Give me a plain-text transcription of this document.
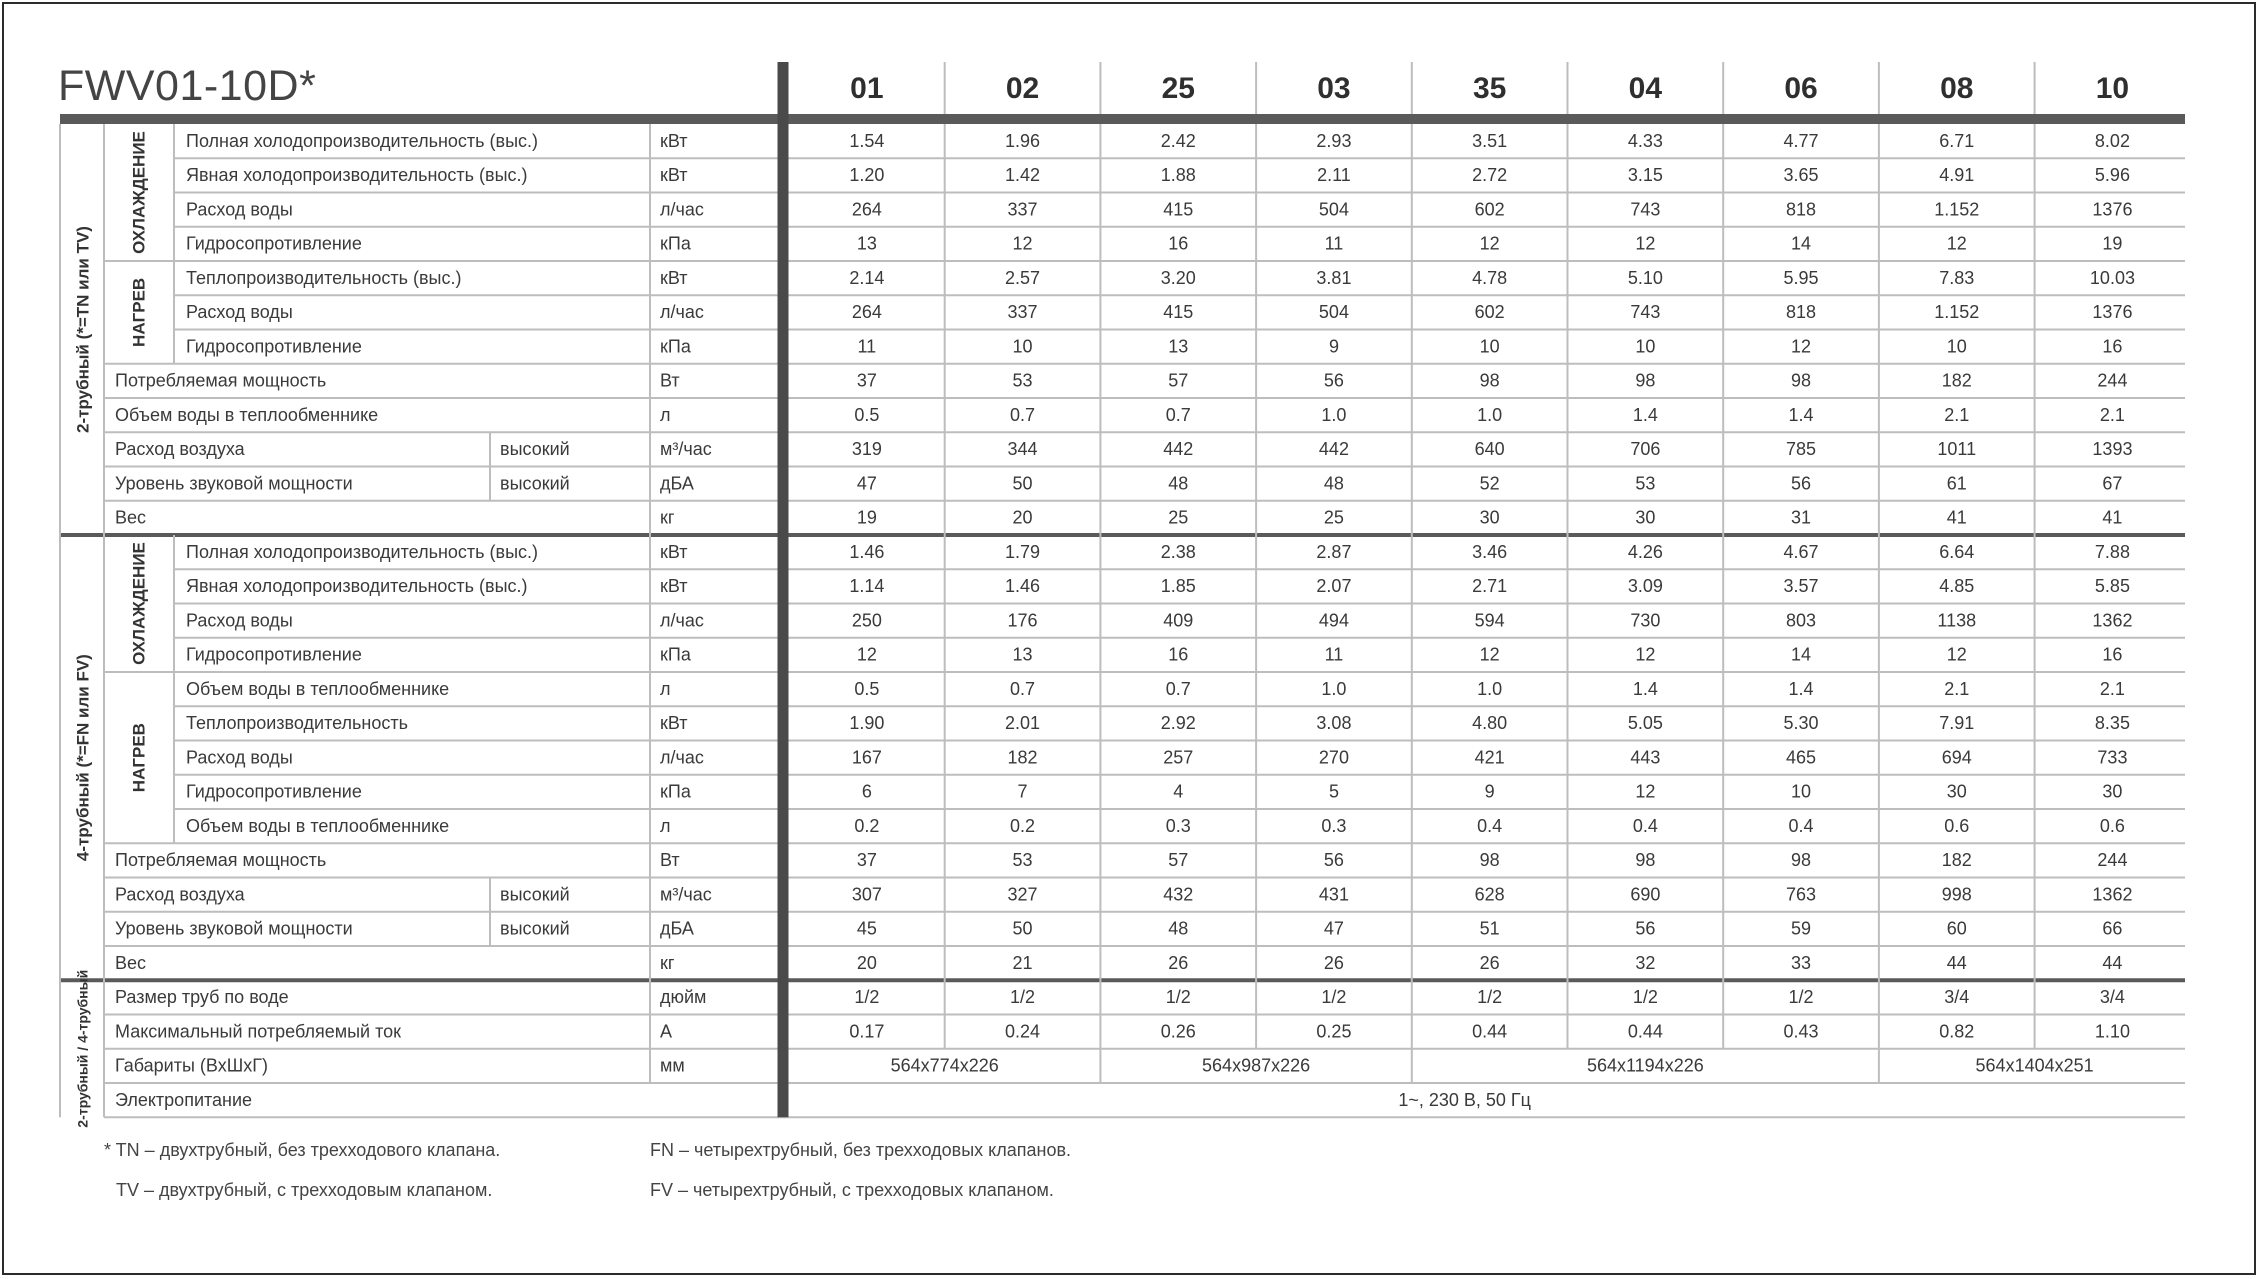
FWV01-10D*	01	02	25	03	35	04	06	08	10
Полная холодопроизводительность (выс.)	кВт	1.54	1.96	2.42	2.93	3.51	4.33	4.77	6.71	8.02
Явная холодопроизводительность (выс.)	кВт	1.20	1.42	1.88	2.11	2.72	3.15	3.65	4.91	5.96
Расход воды	л/час	264	337	415	504	602	743	818	1.152	1376
Гидросопротивление	кПа	13	12	16	11	12	12	14	12	19
Теплопроизводительность (выс.)	кВт	2.14	2.57	3.20	3.81	4.78	5.10	5.95	7.83	10.03
Расход воды	л/час	264	337	415	504	602	743	818	1.152	1376
Гидросопротивление	кПа	11	10	13	9	10	10	12	10	16
Потребляемая мощность	Вт	37	53	57	56	98	98	98	182	244
Объем воды в теплообменнике	л	0.5	0.7	0.7	1.0	1.0	1.4	1.4	2.1	2.1
Расход воздуха	высокий	м³/час	319	344	442	442	640	706	785	1011	1393
Уровень звуковой мощности	высокий	дБА	47	50	48	48	52	53	56	61	67
Вес	кг	19	20	25	25	30	30	31	41	41
Полная холодопроизводительность (выс.)	кВт	1.46	1.79	2.38	2.87	3.46	4.26	4.67	6.64	7.88
Явная холодопроизводительность (выс.)	кВт	1.14	1.46	1.85	2.07	2.71	3.09	3.57	4.85	5.85
Расход воды	л/час	250	176	409	494	594	730	803	1138	1362
Гидросопротивление	кПа	12	13	16	11	12	12	14	12	16
Объем воды в теплообменнике	л	0.5	0.7	0.7	1.0	1.0	1.4	1.4	2.1	2.1
Теплопроизводительность	кВт	1.90	2.01	2.92	3.08	4.80	5.05	5.30	7.91	8.35
Расход воды	л/час	167	182	257	270	421	443	465	694	733
Гидросопротивление	кПа	6	7	4	5	9	12	10	30	30
Объем воды в теплообменнике	л	0.2	0.2	0.3	0.3	0.4	0.4	0.4	0.6	0.6
Потребляемая мощность	Вт	37	53	57	56	98	98	98	182	244
Расход воздуха	высокий	м³/час	307	327	432	431	628	690	763	998	1362
Уровень звуковой мощности	высокий	дБА	45	50	48	47	51	56	59	60	66
Вес	кг	20	21	26	26	26	32	33	44	44
Размер труб по воде	дюйм	1/2	1/2	1/2	1/2	1/2	1/2	1/2	3/4	3/4
Максимальный потребляемый ток	А	0.17	0.24	0.26	0.25	0.44	0.44	0.43	0.82	1.10
Габариты (ВхШхГ)	мм	564x774x226	564x987x226	564x1194x226	564x1404x251
Электропитание	1~, 230 В, 50 Гц
2-трубный (*=TN или TV)
4-трубный (*=FN или FV)
2-трубный / 4-трубный
ОХЛАЖДЕНИЕ
НАГРЕВ
ОХЛАЖДЕНИЕ
НАГРЕВ
* TN – двухтрубный, без трехходового клапана.
TV – двухтрубный, с трехходовым клапаном.
FN – четырехтрубный, без трехходовых клапанов.
FV – четырехтрубный, с трехходовых клапаном.
